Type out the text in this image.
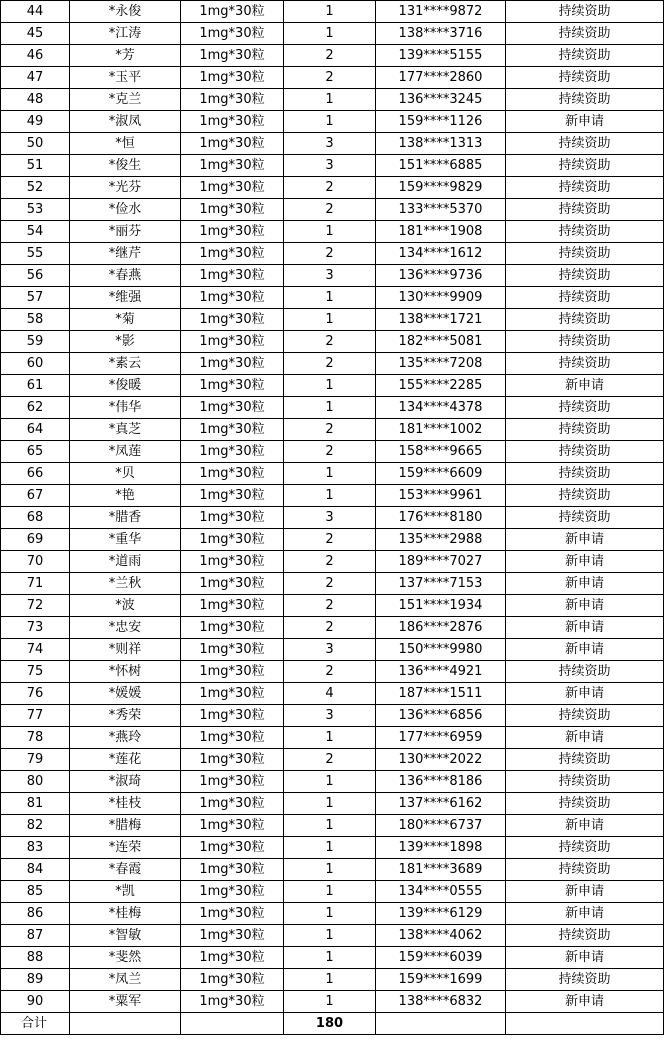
44	*永俊	1mg*30粒	1	131****9872	持续资助
45	*江涛	1mg*30粒	1	138****3716	持续资助
46	*芳	1mg*30粒	2	139****5155	持续资助
47	*玉平	1mg*30粒	2	177****2860	持续资助
48	*克兰	1mg*30粒	1	136****3245	持续资助
49	*淑凤	1mg*30粒	1	159****1126	新申请
50	*恒	1mg*30粒	3	138****1313	持续资助
51	*俊生	1mg*30粒	3	151****6885	持续资助
52	*光芬	1mg*30粒	2	159****9829	持续资助
53	*俭水	1mg*30粒	2	133****5370	持续资助
54	*丽芬	1mg*30粒	1	181****1908	持续资助
55	*继芹	1mg*30粒	2	134****1612	持续资助
56	*春燕	1mg*30粒	3	136****9736	持续资助
57	*维强	1mg*30粒	1	130****9909	持续资助
58	*菊	1mg*30粒	1	138****1721	持续资助
59	*影	1mg*30粒	2	182****5081	持续资助
60	*素云	1mg*30粒	2	135****7208	持续资助
61	*俊暖	1mg*30粒	1	155****2285	新申请
62	*伟华	1mg*30粒	1	134****4378	持续资助
64	*真芝	1mg*30粒	2	181****1002	持续资助
65	*凤莲	1mg*30粒	2	158****9665	持续资助
66	*贝	1mg*30粒	1	159****6609	持续资助
67	*艳	1mg*30粒	1	153****9961	持续资助
68	*腊香	1mg*30粒	3	176****8180	持续资助
69	*重华	1mg*30粒	2	135****2988	新申请
70	*道雨	1mg*30粒	2	189****7027	新申请
71	*兰秋	1mg*30粒	2	137****7153	新申请
72	*波	1mg*30粒	2	151****1934	新申请
73	*忠安	1mg*30粒	2	186****2876	新申请
74	*则祥	1mg*30粒	3	150****9980	新申请
75	*怀树	1mg*30粒	2	136****4921	持续资助
76	*媛媛	1mg*30粒	4	187****1511	新申请
77	*秀荣	1mg*30粒	3	136****6856	持续资助
78	*燕玲	1mg*30粒	1	177****6959	新申请
79	*莲花	1mg*30粒	2	130****2022	持续资助
80	*淑琦	1mg*30粒	1	136****8186	持续资助
81	*桂枝	1mg*30粒	1	137****6162	持续资助
82	*腊梅	1mg*30粒	1	180****6737	新申请
83	*连荣	1mg*30粒	1	139****1898	持续资助
84	*春霞	1mg*30粒	1	181****3689	持续资助
85	*凯	1mg*30粒	1	134****0555	新申请
86	*桂梅	1mg*30粒	1	139****6129	新申请
87	*智敏	1mg*30粒	1	138****4062	持续资助
88	*斐然	1mg*30粒	1	159****6039	新申请
89	*凤兰	1mg*30粒	1	159****1699	持续资助
90	*粟军	1mg*30粒	1	138****6832	新申请
合计			180		
